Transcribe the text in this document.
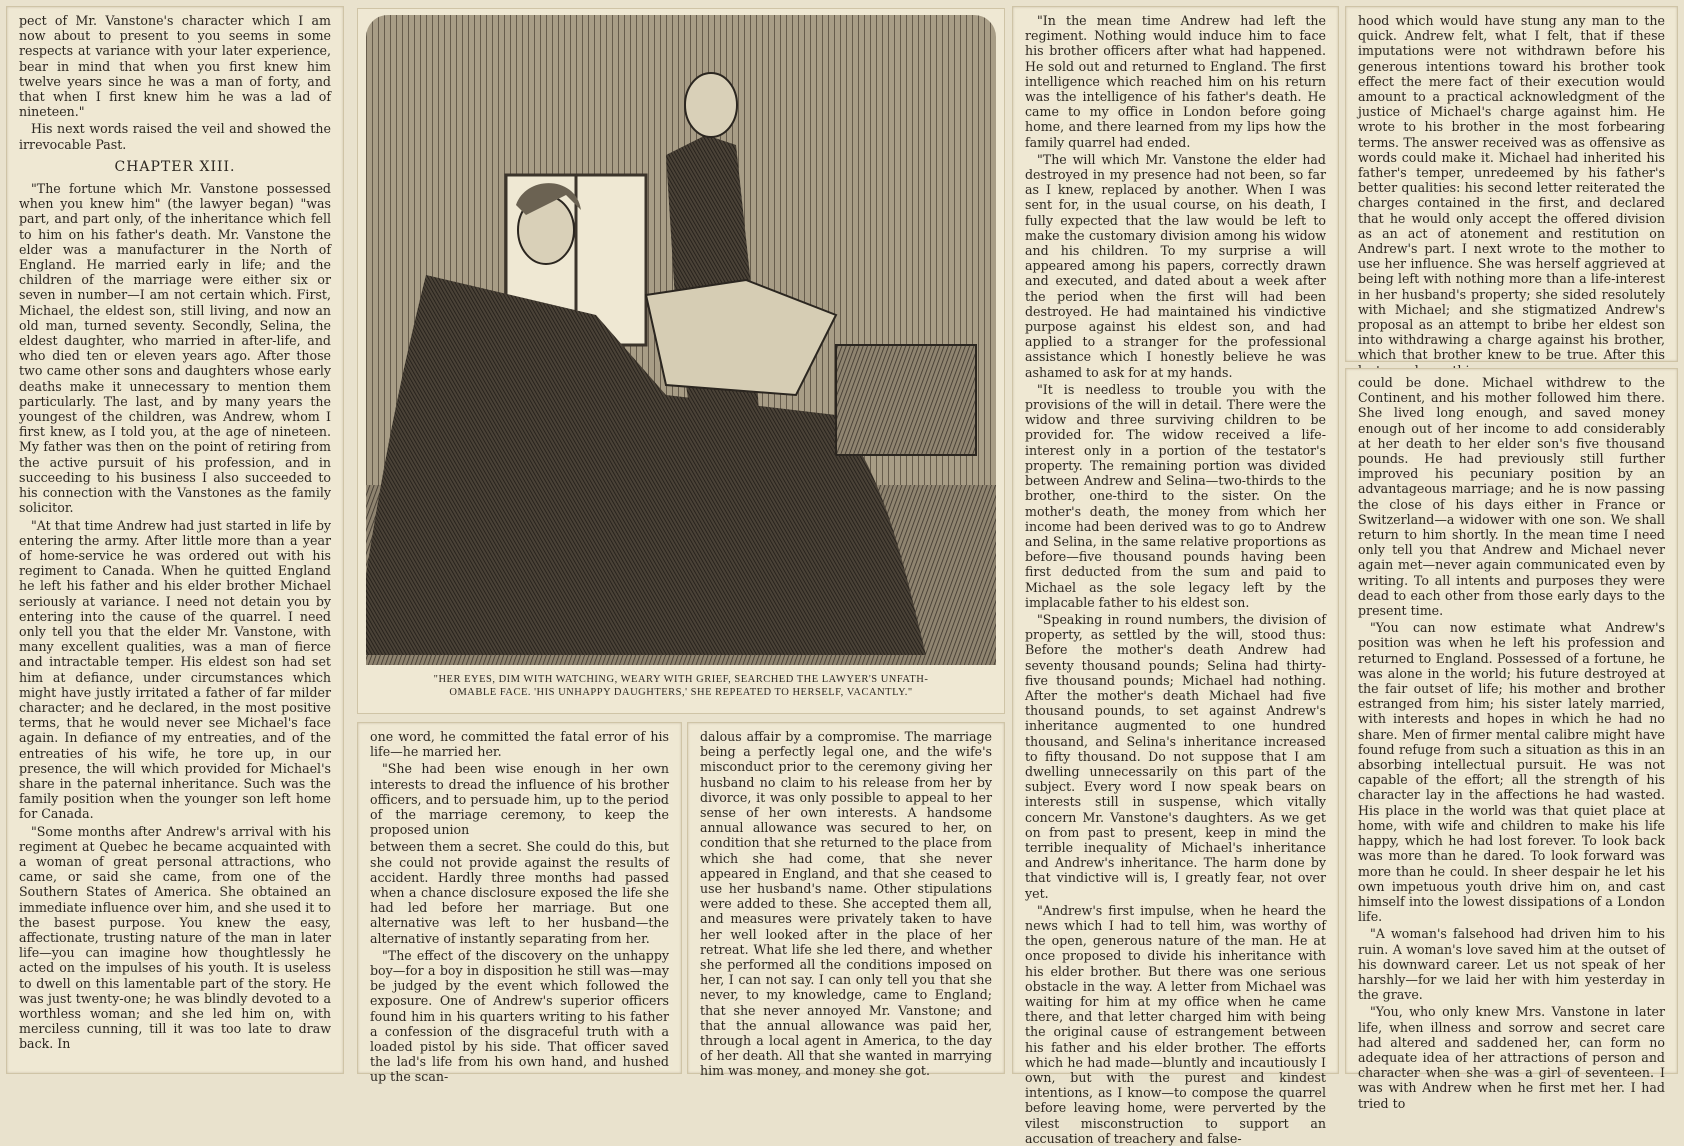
pect of Mr. Vanstone's character which I am now about to present to you seems in some respects at variance with your later experience, bear in mind that when you first knew him twelve years since he was a man of forty, and that when I first knew him he was a lad of nineteen."

His next words raised the veil and showed the irrevocable Past.

CHAPTER XIII.

"The fortune which Mr. Vanstone possessed when you knew him" (the lawyer began) "was part, and part only, of the inheritance which fell to him on his father's death. Mr. Vanstone the elder was a manufacturer in the North of England. He married early in life; and the children of the marriage were either six or seven in number—I am not certain which. First, Michael, the eldest son, still living, and now an old man, turned seventy. Secondly, Selina, the eldest daughter, who married in after-life, and who died ten or eleven years ago. After those two came other sons and daughters whose early deaths make it unnecessary to mention them particularly. The last, and by many years the youngest of the children, was Andrew, whom I first knew, as I told you, at the age of nineteen. My father was then on the point of retiring from the active pursuit of his profession, and in succeeding to his business I also succeeded to his connection with the Vanstones as the family solicitor.

"At that time Andrew had just started in life by entering the army. After little more than a year of home-service he was ordered out with his regiment to Canada. When he quitted England he left his father and his elder brother Michael seriously at variance. I need not detain you by entering into the cause of the quarrel. I need only tell you that the elder Mr. Vanstone, with many excellent qualities, was a man of fierce and intractable temper. His eldest son had set him at defiance, under circumstances which might have justly irritated a father of far milder character; and he declared, in the most positive terms, that he would never see Michael's face again. In defiance of my entreaties, and of the entreaties of his wife, he tore up, in our presence, the will which provided for Michael's share in the paternal inheritance. Such was the family position when the younger son left home for Canada.

"Some months after Andrew's arrival with his regiment at Quebec he became acquainted with a woman of great personal attractions, who came, or said she came, from one of the Southern States of America. She obtained an immediate influence over him, and she used it to the basest purpose. You knew the easy, affectionate, trusting nature of the man in later life—you can imagine how thoughtlessly he acted on the impulses of his youth. It is useless to dwell on this lamentable part of the story. He was just twenty-one; he was blindly devoted to a worthless woman; and she led him on, with merciless cunning, till it was too late to draw back. In

"HER EYES, DIM WITH WATCHING, WEARY WITH GRIEF, SEARCHED THE LAWYER'S UNFATH-
OMABLE FACE. 'HIS UNHAPPY DAUGHTERS,' SHE REPEATED TO HERSELF, VACANTLY."

one word, he committed the fatal error of his life—he married her.

"She had been wise enough in her own interests to dread the influence of his brother officers, and to persuade him, up to the period of the marriage ceremony, to keep the proposed union

between them a secret. She could do this, but she could not provide against the results of accident. Hardly three months had passed when a chance disclosure exposed the life she had led before her marriage. But one alternative was left to her husband—the alternative of instantly separating from her.

"The effect of the discovery on the unhappy boy—for a boy in disposition he still was—may be judged by the event which followed the exposure. One of Andrew's superior officers found him in his quarters writing to his father a confession of the disgraceful truth with a loaded pistol by his side. That officer saved the lad's life from his own hand, and hushed up the scan-

dalous affair by a compromise. The marriage being a perfectly legal one, and the wife's misconduct prior to the ceremony giving her husband no claim to his release from her by divorce, it was only possible to appeal to her sense of her own interests. A handsome annual allowance was secured to her, on condition that she returned to the place from which she had come, that she never appeared in England, and that she ceased to use her husband's name. Other stipulations were added to these. She accepted them all, and measures were privately taken to have her well looked after in the place of her retreat. What life she led there, and whether she performed all the conditions imposed on her, I can not say. I can only tell you that she never, to my knowledge, came to England; that she never annoyed Mr. Vanstone; and that the annual allowance was paid her, through a local agent in America, to the day of her death. All that she wanted in marrying him was money, and money she got.

"In the mean time Andrew had left the regiment. Nothing would induce him to face his brother officers after what had happened. He sold out and returned to England. The first intelligence which reached him on his return was the intelligence of his father's death. He came to my office in London before going home, and there learned from my lips how the family quarrel had ended.

"The will which Mr. Vanstone the elder had destroyed in my presence had not been, so far as I knew, replaced by another. When I was sent for, in the usual course, on his death, I fully expected that the law would be left to make the customary division among his widow and his children. To my surprise a will appeared among his papers, correctly drawn and executed, and dated about a week after the period when the first will had been destroyed. He had maintained his vindictive purpose against his eldest son, and had applied to a stranger for the professional assistance which I honestly believe he was ashamed to ask for at my hands.

"It is needless to trouble you with the provisions of the will in detail. There were the widow and three surviving children to be provided for. The widow received a life-interest only in a portion of the testator's property. The remaining portion was divided between Andrew and Selina—two-thirds to the brother, one-third to the sister. On the mother's death, the money from which her income had been derived was to go to Andrew and Selina, in the same relative proportions as before—five thousand pounds having been first deducted from the sum and paid to Michael as the sole legacy left by the implacable father to his eldest son.

"Speaking in round numbers, the division of property, as settled by the will, stood thus: Before the mother's death Andrew had seventy thousand pounds; Selina had thirty-five thousand pounds; Michael had nothing. After the mother's death Michael had five thousand pounds, to set against Andrew's inheritance augmented to one hundred thousand, and Selina's inheritance increased to fifty thousand. Do not suppose that I am dwelling unnecessarily on this part of the subject. Every word I now speak bears on interests still in suspense, which vitally concern Mr. Vanstone's daughters. As we get on from past to present, keep in mind the terrible inequality of Michael's inheritance and Andrew's inheritance. The harm done by that vindictive will is, I greatly fear, not over yet.

"Andrew's first impulse, when he heard the news which I had to tell him, was worthy of the open, generous nature of the man. He at once proposed to divide his inheritance with his elder brother. But there was one serious obstacle in the way. A letter from Michael was waiting for him at my office when he came there, and that letter charged him with being the original cause of estrangement between his father and his elder brother. The efforts which he had made—bluntly and incautiously I own, but with the purest and kindest intentions, as I know—to compose the quarrel before leaving home, were perverted by the vilest misconstruction to support an accusation of treachery and false-

hood which would have stung any man to the quick. Andrew felt, what I felt, that if these imputations were not withdrawn before his generous intentions toward his brother took effect the mere fact of their execution would amount to a practical acknowledgment of the justice of Michael's charge against him. He wrote to his brother in the most forbearing terms. The answer received was as offensive as words could make it. Michael had inherited his father's temper, unredeemed by his father's better qualities: his second letter reiterated the charges contained in the first, and declared that he would only accept the offered division as an act of atonement and restitution on Andrew's part. I next wrote to the mother to use her influence. She was herself aggrieved at being left with nothing more than a life-interest in her husband's property; she sided resolutely with Michael; and she stigmatized Andrew's proposal as an attempt to bribe her eldest son into withdrawing a charge against his brother, which that brother knew to be true. After this

could be done. Michael withdrew to the Continent, and his mother followed him there. She lived long enough, and saved money enough out of her income to add considerably at her death to her elder son's five thousand pounds. He had previously still further improved his pecuniary position by an advantageous marriage; and he is now passing the close of his days either in France or Switzerland—a widower with one son. We shall return to him shortly. In the mean time I need only tell you that Andrew and Michael never again met—never again communicated even by writing. To all intents and purposes they were dead to each other from those early days to the present time.

"You can now estimate what Andrew's position was when he left his profession and returned to England. Possessed of a fortune, he was alone in the world; his future destroyed at the fair outset of life; his mother and brother estranged from him; his sister lately married, with interests and hopes in which he had no share. Men of firmer mental calibre might have found refuge from such a situation as this in an absorbing intellectual pursuit. He was not capable of the effort; all the strength of his character lay in the affections he had wasted. His place in the world was that quiet place at home, with wife and children to make his life happy, which he had lost forever. To look back was more than he dared. To look forward was more than he could. In sheer despair he let his own impetuous youth drive him on, and cast himself into the lowest dissipations of a London life.

"A woman's falsehood had driven him to his ruin. A woman's love saved him at the outset of his downward career. Let us not speak of her harshly—for we laid her with him yesterday in the grave.

"You, who only knew Mrs. Vanstone in later life, when illness and sorrow and secret care had altered and saddened her, can form no adequate idea of her attractions of person and character when she was a girl of seventeen. I was with Andrew when he first met her. I had tried to
